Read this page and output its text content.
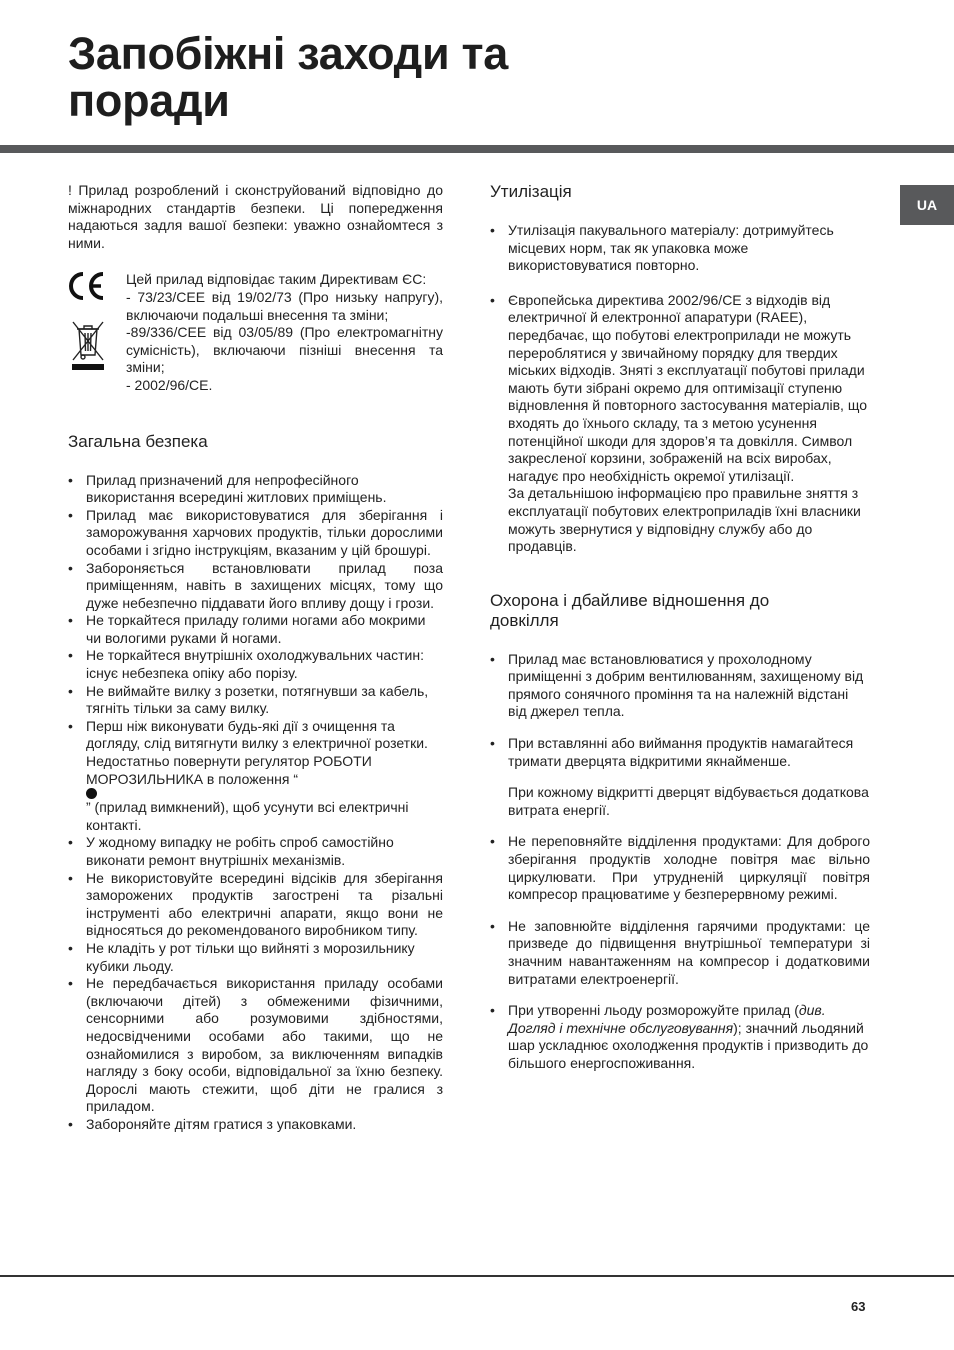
Запобіжні заходи та
поради
UA

! Прилад розроблений і сконструйований відповідно до міжнародних стандартів безпеки. Ці попередження надаються задля вашої безпеки: уважно ознайомтеся з ними.

Цей прилад відповідає таким Директивам ЄС:

- 73/23/CEE від 19/02/73 (Про низьку напругу), включаючи подальші внесення та зміни;

-89/336/CEE від 03/05/89 (Про електромагнітну сумісність), включаючи пізніші внесення та зміни;

- 2002/96/CE.

Загальна безпека
• Прилад призначений для непрофесійного використання всередині житлових приміщень.
• Прилад має використовуватися для зберігання і заморожування харчових продуктів, тільки дорослими особами і згідно інструкціям, вказаним у цій брошурі.
• Забороняється встановлювати прилад поза приміщенням, навіть в захищених місцях, тому що дуже небезпечно піддавати його впливу дощу і грози.
• Не торкайтеся приладу голими ногами або мокрими чи вологими руками й ногами.
• Не торкайтеся внутрішніх охолоджувальних частин: існує небезпека опіку або порізу.
• Не виймайте вилку з розетки, потягнувши за кабель, тягніть тільки за саму вилку.
• Перш ніж виконувати будь-які дії з очищення та догляду, слід витягнути вилку з електричної розетки. Недостатньо повернути регулятор РОБОТИ МОРОЗИЛЬНИКА в положення “
” (прилад вимкнений), щоб усунути всі електричні контакті.
• У жодному випадку не робіть спроб самостійно виконати ремонт внутрішніх механізмів.
• Не використовуйте всередині відсіків для зберігання заморожених продуктів загострені та різальні інструменті або електричні апарати, якщо вони не відносяться до рекомендованого виробником типу.
• Не кладіть у рот тільки що вийняті з морозильнику кубики льоду.
• Не передбачається використання приладу особами (включаючи дітей) з обмеженими фізичними, сенсорними або розумовими здібностями, недосвідченими особами або такими, що не ознайомилися з виробом, за виключенням випадків нагляду з боку особи, відповідальної за їхню безпеку. Дорослі мають стежити, щоб діти не гралися з приладом.
• Забороняйте дітям гратися з упаковками.
Утилізація
• Утилізація пакувального матеріалу: дотримуйтесь місцевих норм, так як упаковка може використовуватися повторно.
• Європейська директива 2002/96/CE з відходів від електричної й електронної апаратури (RAEE), передбачає, що побутові електроприлади не можуть перероблятися у звичайному порядку для твердих міських відходів. Зняті з експлуатації побутові прилади мають бути зібрані окремо для оптимізації ступеню відновлення й повторного застосування матеріалів, що входять до їхнього складу, та з метою усунення потенційної шкоди для здоров’я та довкілля. Символ закресленої корзини, зображеній на всіх виробах, нагадує про необхідність окремої утилізації.
За детальнішою інформацією про правильне зняття з експлуатації побутових електроприладів їхні власники можуть звернутися у відповідну службу або до продавців.
Охорона і дбайливе відношення до
довкілля
• Прилад має встановлюватися у прохолодному приміщенні з добрим вентилюванням, захищеному від прямого сонячного проміння та на належній відстані від джерел тепла.
• При вставлянні або виймання продуктів намагайтеся тримати дверцята відкритими якнайменше.
При кожному відкритті дверцят відбувається додаткова витрата енергії.
• Не переповняйте відділення продуктами: Для доброго зберігання продуктів холодне повітря має вільно циркулювати. При утрудненій циркуляції повітря компресор працюватиме у безперервному режимі.
• Не заповнюйте відділення гарячими продуктами: це призведе до підвищення внутрішньої температури зі значним навантаженням на компресор і додатковими витратами електроенергії.
• При утворенні льоду розморожуйте прилад (див. Догляд і технічне обслуговування); значний льодяний шар ускладнює охолодження продуктів і призводить до більшого енергоспоживання.
63
